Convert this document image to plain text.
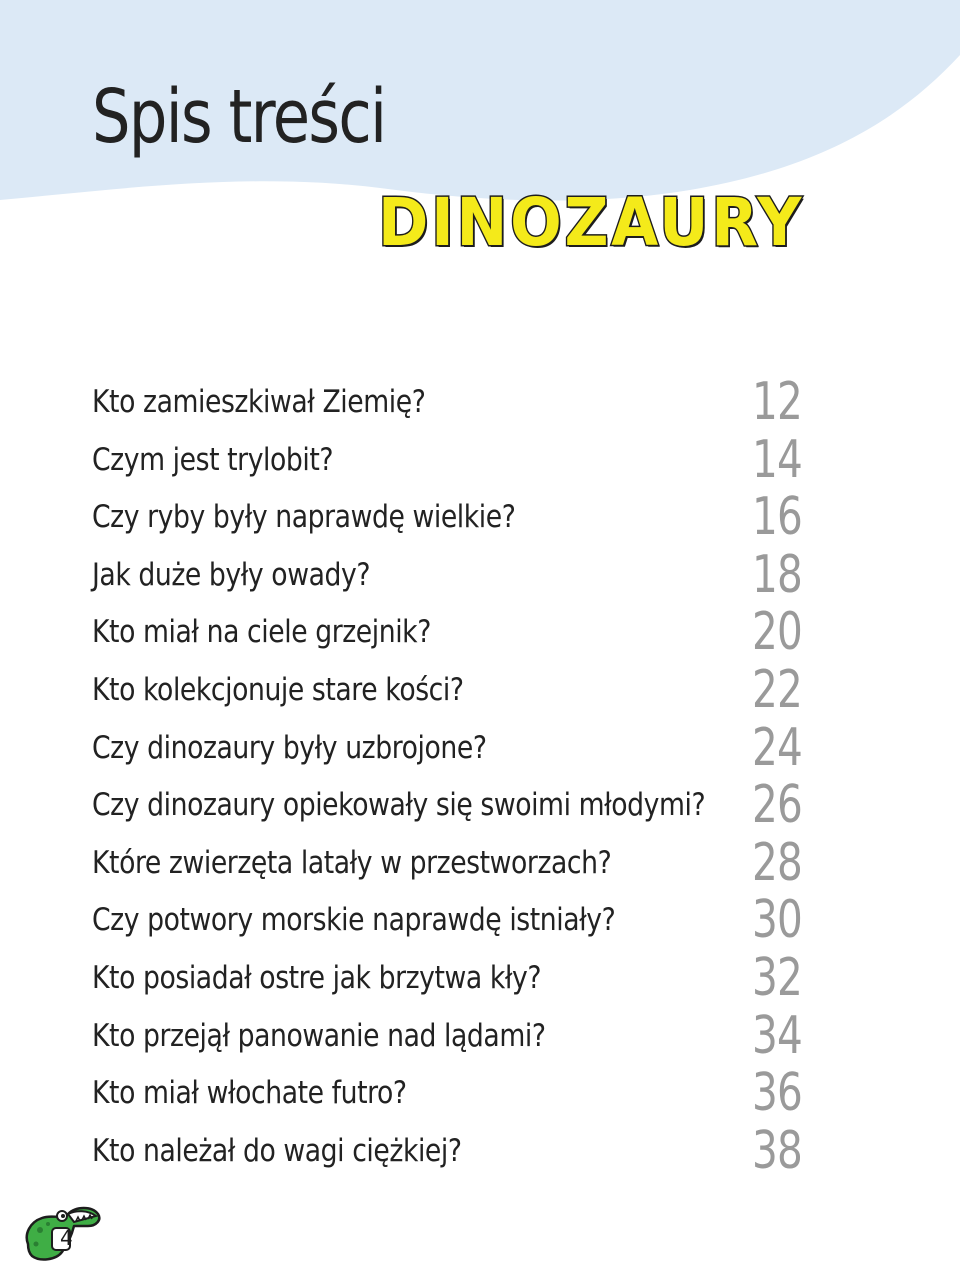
Spis treści
DINOZAURY
Kto zamieszkiwał Ziemię?	12
Czym jest trylobit?	14
Czy ryby były naprawdę wielkie?	16
Jak duże były owady?	18
Kto miał na ciele grzejnik?	20
Kto kolekcjonuje stare kości?	22
Czy dinozaury były uzbrojone?	24
Czy dinozaury opiekowały się swoimi młodymi? 26
Które zwierzęta latały w przestworzach?	28
Czy potwory morskie naprawdę istniały?	30
Kto posiadał ostre jak brzytwa kły?	32
Kto przejął panowanie nad lądami?	34
Kto miał włochate futro?	36
Kto należał do wagi ciężkiej?	38
4
